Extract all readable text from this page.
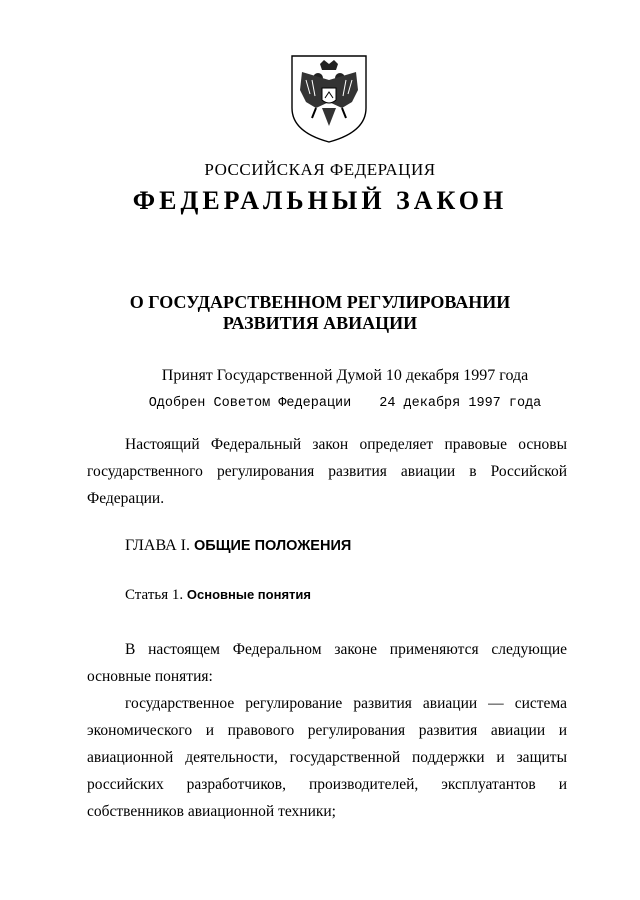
РОССИЙСКАЯ ФЕДЕРАЦИЯ
ФЕДЕРАЛЬНЫЙ ЗАКОН
О ГОСУДАРСТВЕННОМ РЕГУЛИРОВАНИИ
РАЗВИТИЯ АВИАЦИИ
Принят Государственной Думой 10 декабря 1997 года
Одобрен Советом Федерации 24 декабря 1997 года
Настоящий Федеральный закон определяет правовые основы государственного регулирования развития авиации в Российской Федерации.
ГЛАВА I. ОБЩИЕ ПОЛОЖЕНИЯ
Статья 1. Основные понятия
В настоящем Федеральном законе применяются следующие основные понятия:
государственное регулирование развития авиации — система экономического и правового регулирования развития авиации и авиационной деятельности, государственной поддержки и защиты российских разработчиков, производителей, эксплуатантов и собственников авиационной техники;
